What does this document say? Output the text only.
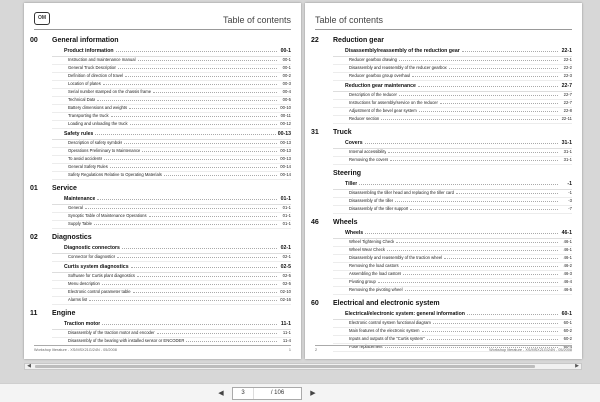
OM	Table of contents
00 General information
Product information	00-1
Instruction and maintenance manual	00-1
General Truck Description	00-1
Definition of direction of travel	00-2
Location of plates	00-3
Serial number stamped on the chassis frame	00-4
Technical Data	00-5
Battery dimensions and weights	00-10
Transporting the truck	00-11
Loading and unloading the truck	00-12
Safety rules	00-13
Description of safety symbols	00-13
Operations Preliminary to Maintenance	00-13
To avoid accidents	00-13
General Safety Rules	00-14
Safety Regulations Relative to Operating Materials	00-14
01 Service
Maintenance	01-1
General	01-1
Synoptic Table of Maintenance Operations	01-1
Supply Table	01-1
02 Diagnostics
Diagnostic connectors	02-1
Connector for diagnostics	02-1
Curtis system diagnostics	02-5
Software for Curtis plant diagnostics	02-5
Menu description	02-5
Electronic control parameter table	02-10
Alarms list	02-16
11 Engine
Traction motor	11-1
Disassembly of the traction motor and encoder	11-1
Disassembly of the bearing with installed sensor or ENCODER	11-4
Workshop literature - XS/MSX21G/24N - 05/2008	1
Table of contents
22 Reduction gear
Disassembly/reassembly of the reduction gear	22-1
Reducer gearbox drawing	22-1
Disassembly and reassembly of the reducer gearbox	22-2
Reducer gearbox group overhaul	22-3
Reduction gear maintenance	22-7
Description of the reducer	22-7
Instructions for assembly/service on the reducer	22-7
Adjustment of the bevel gear system	22-8
Reducer section	22-11
31 Truck
Covers	31-1
Internal accessibility	31-1
Removing the covers	31-1
Steering
Tiller	-1
Disassembling the tiller head and replacing the tiller card	-1
Disassembly of the tiller	-3
Disassembly of the tiller support	-7
46 Wheels
Wheels	46-1
Wheel Tightening Check	46-1
Wheel Wear Check	46-1
Disassembly and reassembly of the traction wheel	46-1
Removing the load castors	46-2
Assembling the load castors	46-3
Pivoting group	46-4
Removing the pivoting wheel	46-5
60 Electrical and electronic system
Electrical/electronic system: general information	60-1
Electronic control system functional diagram	60-1
Main features of the electronic system	60-2
Inputs and outputs of the "Curtis system"	60-2
Fuse replacement	60-4
Workshop literature - XS/MSX21G/24N - 05/2008
2
◀	▶
◀	3	/ 106	▶
